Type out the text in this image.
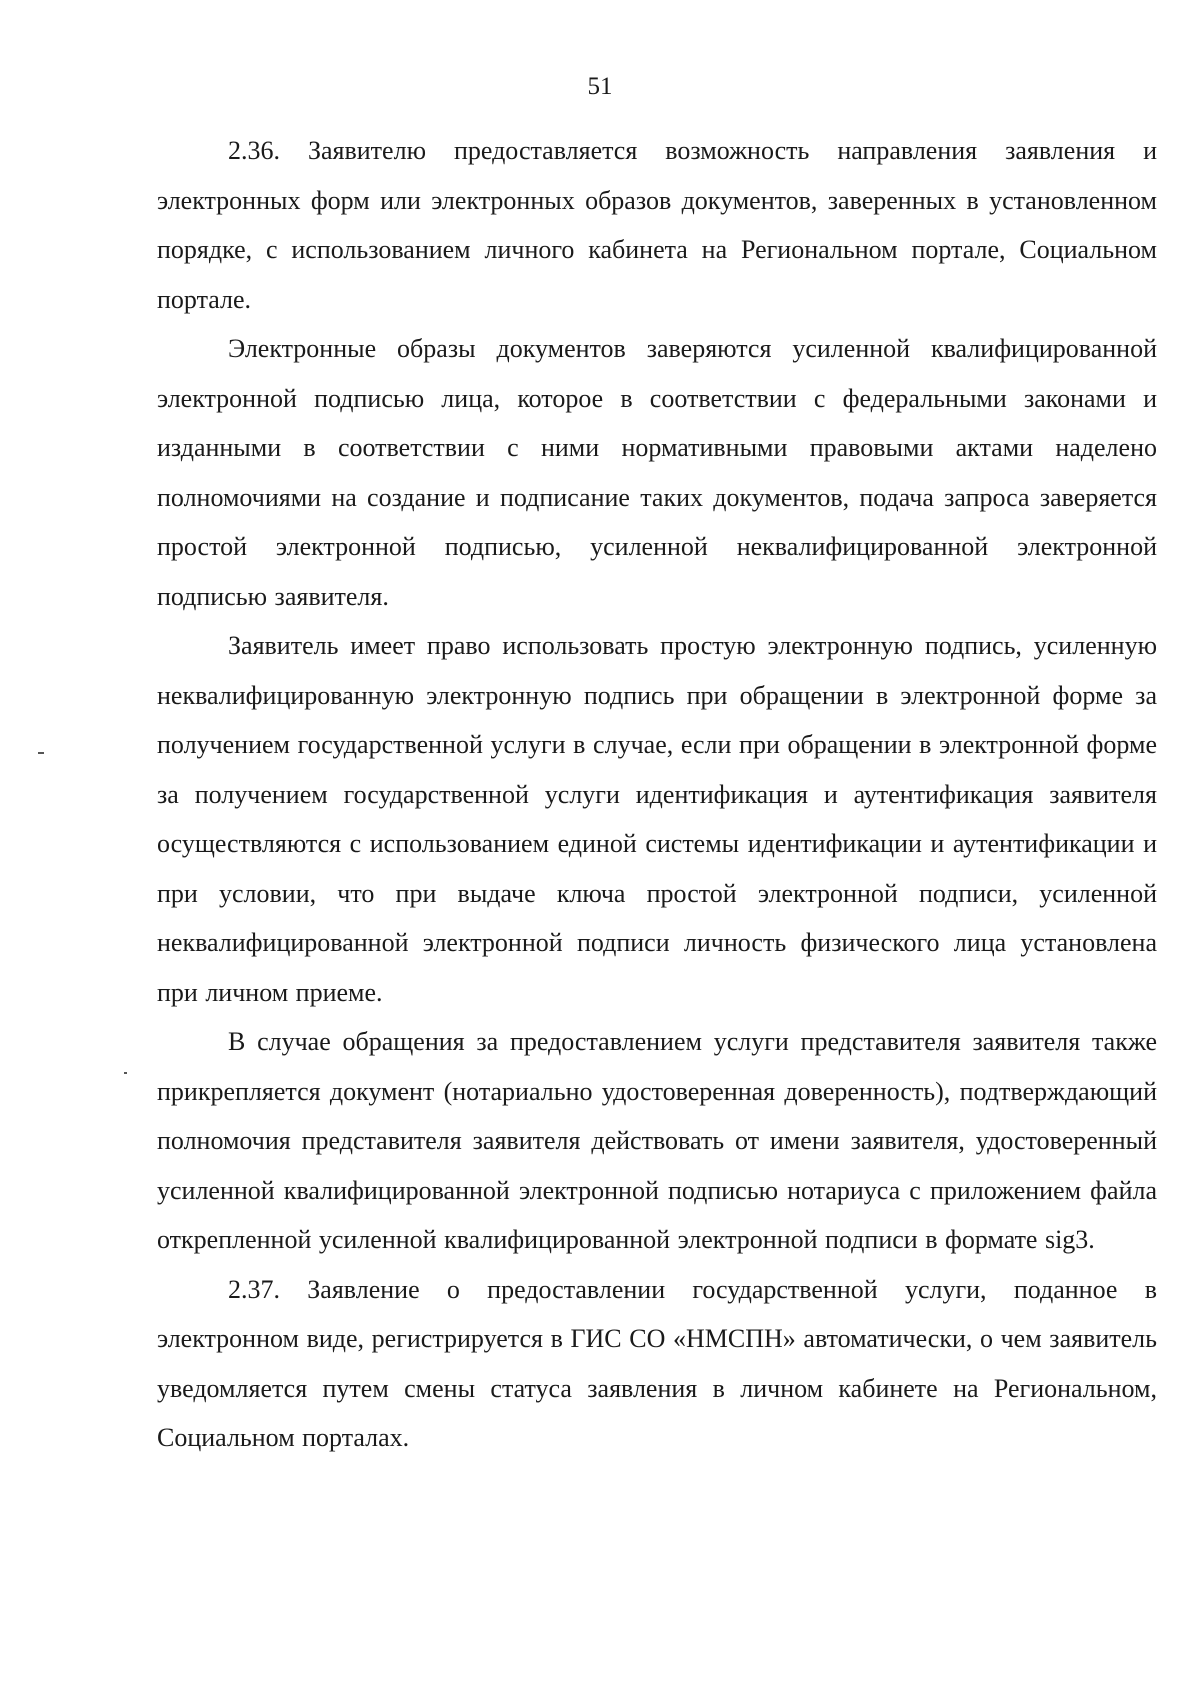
51

2.36. Заявителю предоставляется возможность направления заявления и электронных форм или электронных образов документов, заверенных в установленном порядке, с использованием личного кабинета на Региональном портале, Социальном портале.

Электронные образы документов заверяются усиленной квалифицированной электронной подписью лица, которое в соответствии с федеральными законами и изданными в соответствии с ними нормативными правовыми актами наделено полномочиями на создание и подписание таких документов, подача запроса заверяется простой электронной подписью, усиленной неквалифицированной электронной подписью заявителя.

Заявитель имеет право использовать простую электронную подпись, усиленную неквалифицированную электронную подпись при обращении в электронной форме за получением государственной услуги в случае, если при обращении в электронной форме за получением государственной услуги идентификация и аутентификация заявителя осуществляются с использованием единой системы идентификации и аутентификации и при условии, что при выдаче ключа простой электронной подписи, усиленной неквалифицированной электронной подписи личность физического лица установлена при личном приеме.

В случае обращения за предоставлением услуги представителя заявителя также прикрепляется документ (нотариально удостоверенная доверенность), подтверждающий полномочия представителя заявителя действовать от имени заявителя, удостоверенный усиленной квалифицированной электронной подписью нотариуса с приложением файла открепленной усиленной квалифицированной электронной подписи в формате sig3.

2.37. Заявление о предоставлении государственной услуги, поданное в электронном виде, регистрируется в ГИС СО «НМСПН» автоматически, о чем заявитель уведомляется путем смены статуса заявления в личном кабинете на Региональном, Социальном порталах.
